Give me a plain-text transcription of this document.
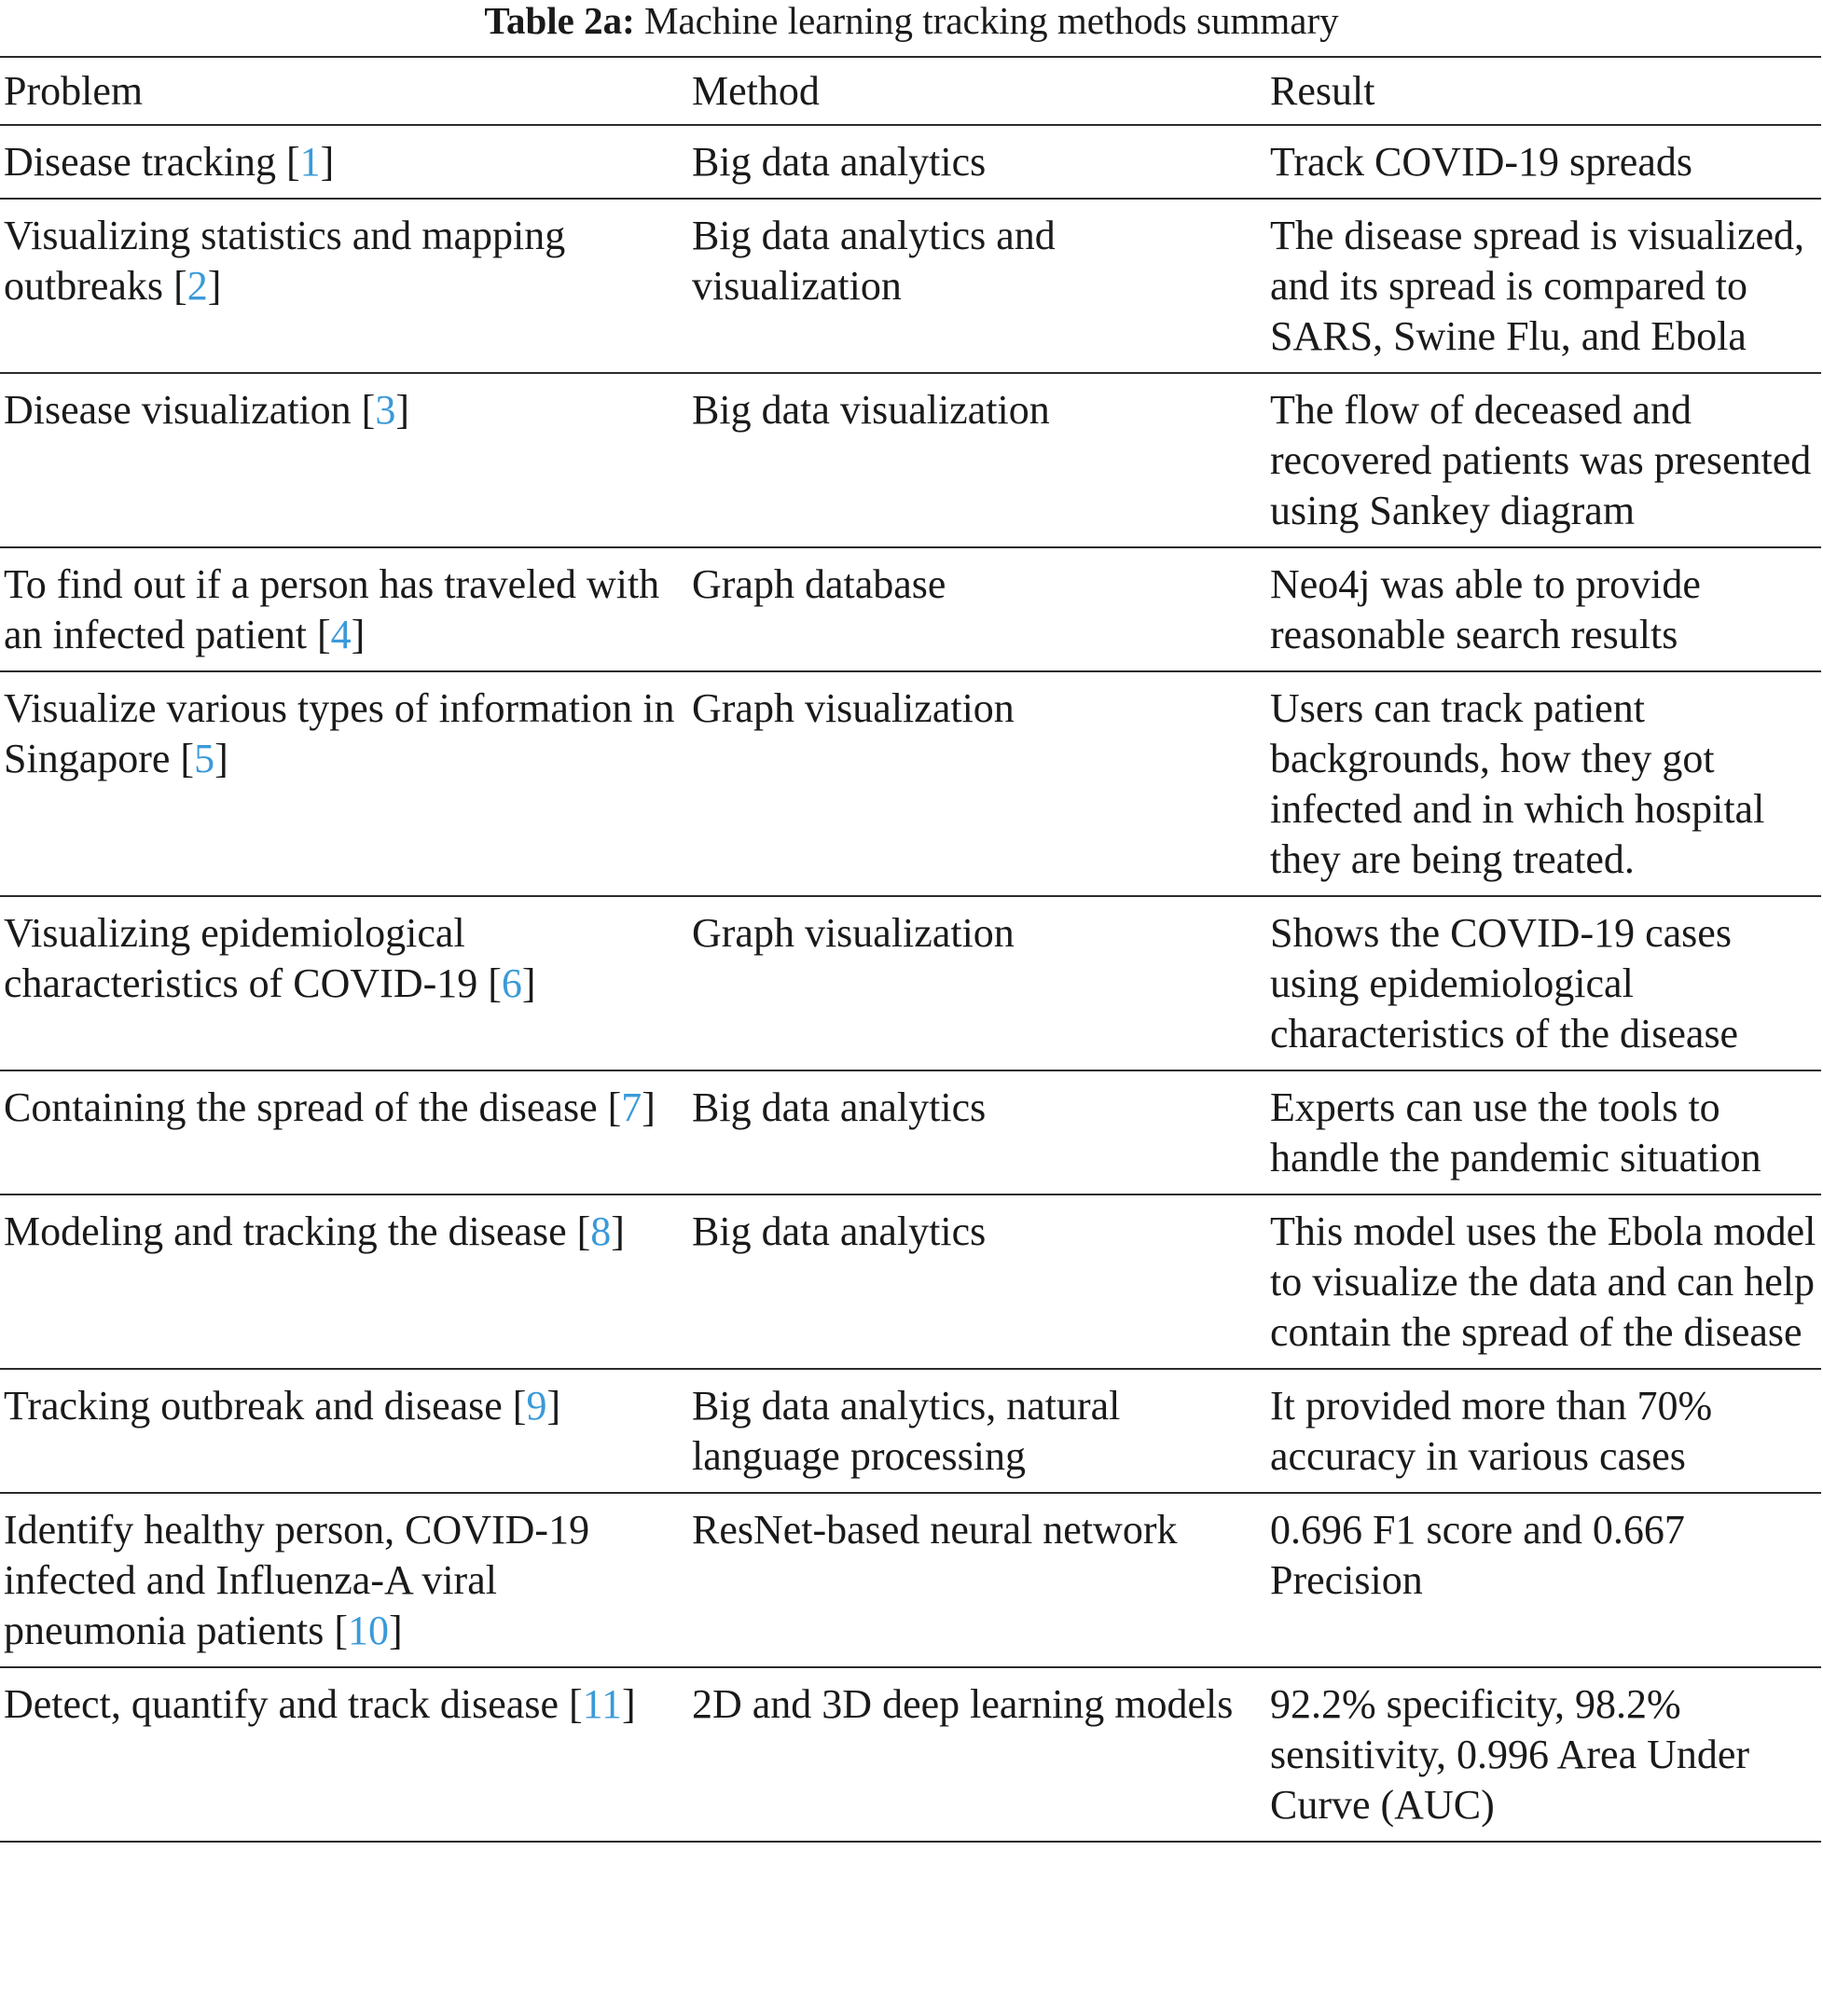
Table 2a: Machine learning tracking methods summary
Problem	Method	Result
Disease tracking [1]	Big data analytics	Track COVID-19 spreads
Visualizing statistics and mapping outbreaks [2]	Big data analytics and visualization	The disease spread is visualized, and its spread is compared to SARS, Swine Flu, and Ebola
Disease visualization [3]	Big data visualization	The flow of deceased and recovered patients was presented using Sankey diagram
To find out if a person has traveled with an infected patient [4]	Graph database	Neo4j was able to provide reasonable search results
Visualize various types of information in Singapore [5]	Graph visualization	Users can track patient backgrounds, how they got infected and in which hospital they are being treated.
Visualizing epidemiological characteristics of COVID-19 [6]	Graph visualization	Shows the COVID-19 cases using epidemiological characteristics of the disease
Containing the spread of the disease [7]	Big data analytics	Experts can use the tools to handle the pandemic situation
Modeling and tracking the disease [8]	Big data analytics	This model uses the Ebola model to visualize the data and can help contain the spread of the disease
Tracking outbreak and disease [9]	Big data analytics, natural language processing	It provided more than 70% accuracy in various cases
Identify healthy person, COVID-19 infected and Influenza-A viral pneumonia patients [10]	ResNet-based neural network	0.696 F1 score and 0.667 Precision
Detect, quantify and track disease [11]	2D and 3D deep learning models	92.2% specificity, 98.2% sensitivity, 0.996 Area Under Curve (AUC)
